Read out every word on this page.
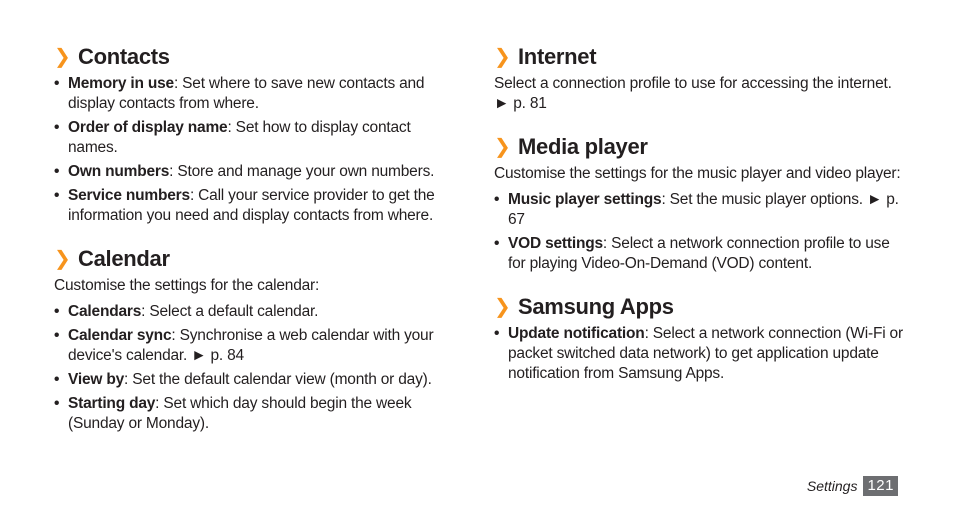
❯ Contacts
• Memory in use: Set where to save new contacts and display contacts from where.
• Order of display name: Set how to display contact names.
• Own numbers: Store and manage your own numbers.
• Service numbers: Call your service provider to get the information you need and display contacts from where.
❯ Calendar

Customise the settings for the calendar:

• Calendars: Select a default calendar.
• Calendar sync: Synchronise a web calendar with your device's calendar. ► p. 84
• View by: Set the default calendar view (month or day).
• Starting day: Set which day should begin the week (Sunday or Monday).
❯ Internet

Select a connection profile to use for accessing the internet. ► p. 81

❯ Media player

Customise the settings for the music player and video player:

• Music player settings: Set the music player options. ► p. 67
• VOD settings: Select a network connection profile to use for playing Video-On-Demand (VOD) content.
❯ Samsung Apps
• Update notification: Select a network connection (Wi-Fi or packet switched data network) to get application update notification from Samsung Apps.
Settings 121
